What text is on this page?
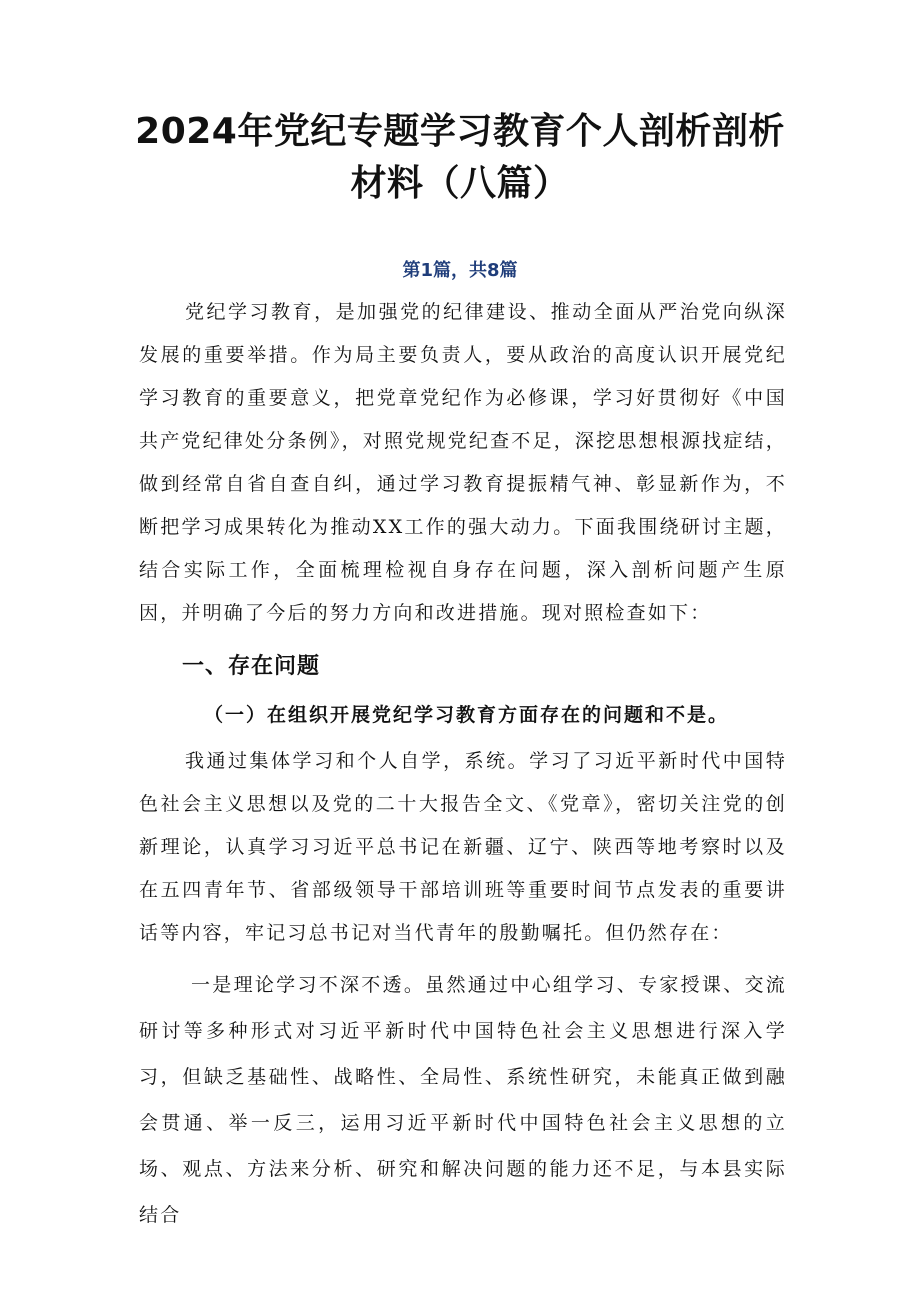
2024年党纪专题学习教育个人剖析剖析材料（八篇）
第1篇，共8篇

党纪学习教育，是加强党的纪律建设、推动全面从严治党向纵深发展的重要举措。作为局主要负责人，要从政治的高度认识开展党纪学习教育的重要意义，把党章党纪作为必修课，学习好贯彻好《中国共产党纪律处分条例》，对照党规党纪查不足，深挖思想根源找症结，做到经常自省自查自纠，通过学习教育提振精气神、彰显新作为，不断把学习成果转化为推动XX工作的强大动力。下面我围绕研讨主题，结合实际工作，全面梳理检视自身存在问题，深入剖析问题产生原因，并明确了今后的努力方向和改进措施。现对照检查如下：

一、存在问题
（一）在组织开展党纪学习教育方面存在的问题和不是。

我通过集体学习和个人自学，系统。学习了习近平新时代中国特色社会主义思想以及党的二十大报告全文、《党章》，密切关注党的创新理论，认真学习习近平总书记在新疆、辽宁、陕西等地考察时以及在五四青年节、省部级领导干部培训班等重要时间节点发表的重要讲话等内容，牢记习总书记对当代青年的殷勤嘱托。但仍然存在：

一是理论学习不深不透。虽然通过中心组学习、专家授课、交流研讨等多种形式对习近平新时代中国特色社会主义思想进行深入学习，但缺乏基础性、战略性、全局性、系统性研究，未能真正做到融会贯通、举一反三，运用习近平新时代中国特色社会主义思想的立场、观点、方法来分析、研究和解决问题的能力还不足，与本县实际结合
